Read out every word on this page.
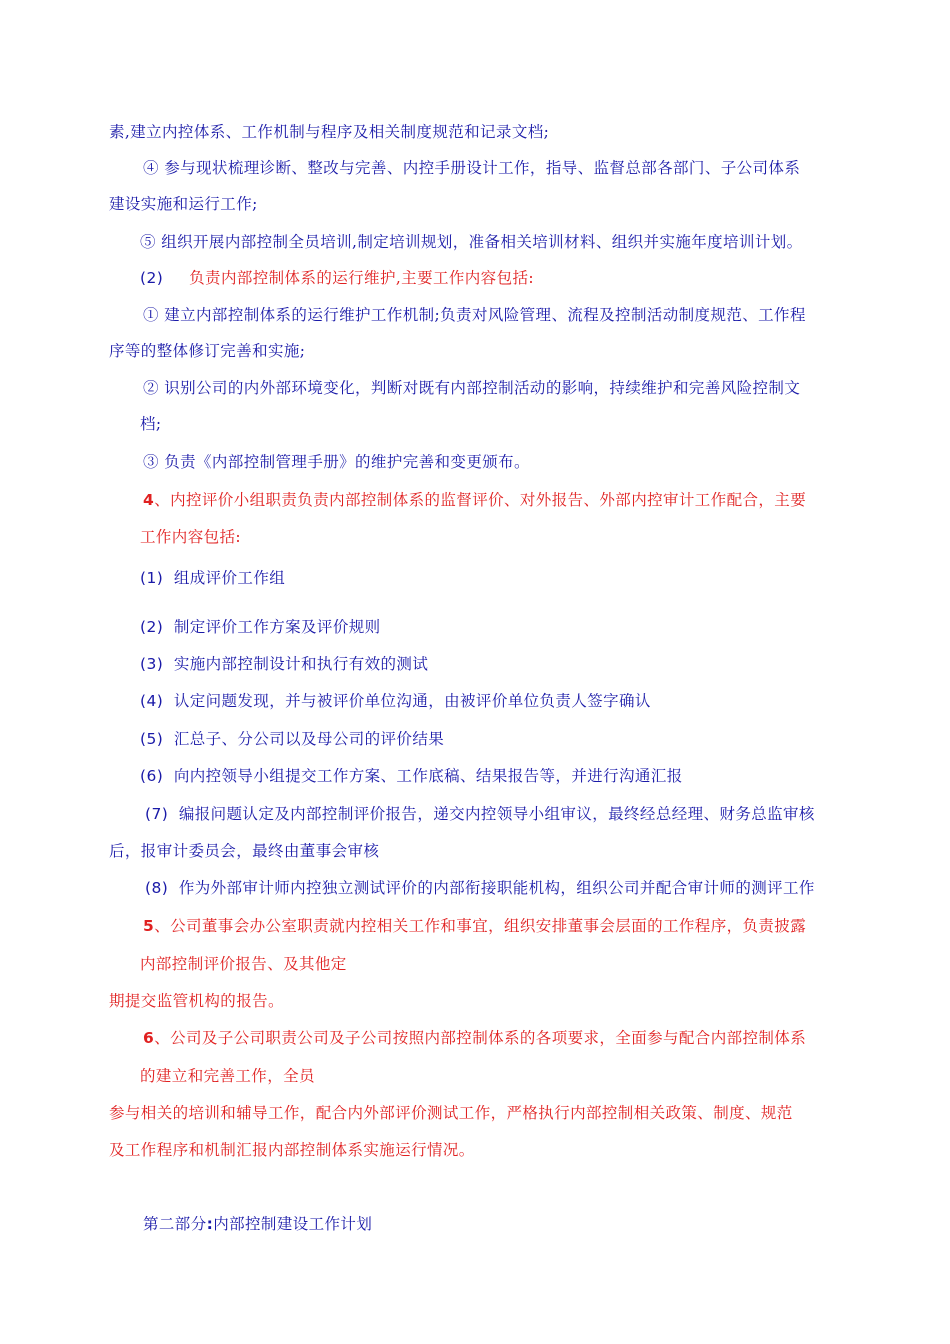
素,建立内控体系、工作机制与程序及相关制度规范和记录文档;
④ 参与现状梳理诊断、整改与完善、内控手册设计工作，指导、监督总部各部门、子公司体系
建设实施和运行工作;
⑤ 组织开展内部控制全员培训,制定培训规划，准备相关培训材料、组织并实施年度培训计划。
(2) 负责内部控制体系的运行维护,主要工作内容包括:
① 建立内部控制体系的运行维护工作机制;负责对风险管理、流程及控制活动制度规范、工作程
序等的整体修订完善和实施;
② 识别公司的内外部环境变化，判断对既有内部控制活动的影响，持续维护和完善风险控制文
档;
③ 负责《内部控制管理手册》的维护完善和变更颁布。
4、内控评价小组职责负责内部控制体系的监督评价、对外报告、外部内控审计工作配合，主要
工作内容包括:
(1) 组成评价工作组
(2) 制定评价工作方案及评价规则
(3) 实施内部控制设计和执行有效的测试
(4) 认定问题发现，并与被评价单位沟通，由被评价单位负责人签字确认
(5) 汇总子、分公司以及母公司的评价结果
(6) 向内控领导小组提交工作方案、工作底稿、结果报告等，并进行沟通汇报
(7) 编报问题认定及内部控制评价报告，递交内控领导小组审议，最终经总经理、财务总监审核
后，报审计委员会，最终由董事会审核
(8) 作为外部审计师内控独立测试评价的内部衔接职能机构，组织公司并配合审计师的测评工作
5、公司董事会办公室职责就内控相关工作和事宜，组织安排董事会层面的工作程序，负责披露
内部控制评价报告、及其他定
期提交监管机构的报告。
6、公司及子公司职责公司及子公司按照内部控制体系的各项要求，全面参与配合内部控制体系
的建立和完善工作，全员
参与相关的培训和辅导工作，配合内外部评价测试工作，严格执行内部控制相关政策、制度、规范
及工作程序和机制汇报内部控制体系实施运行情况。
第二部分:内部控制建设工作计划
